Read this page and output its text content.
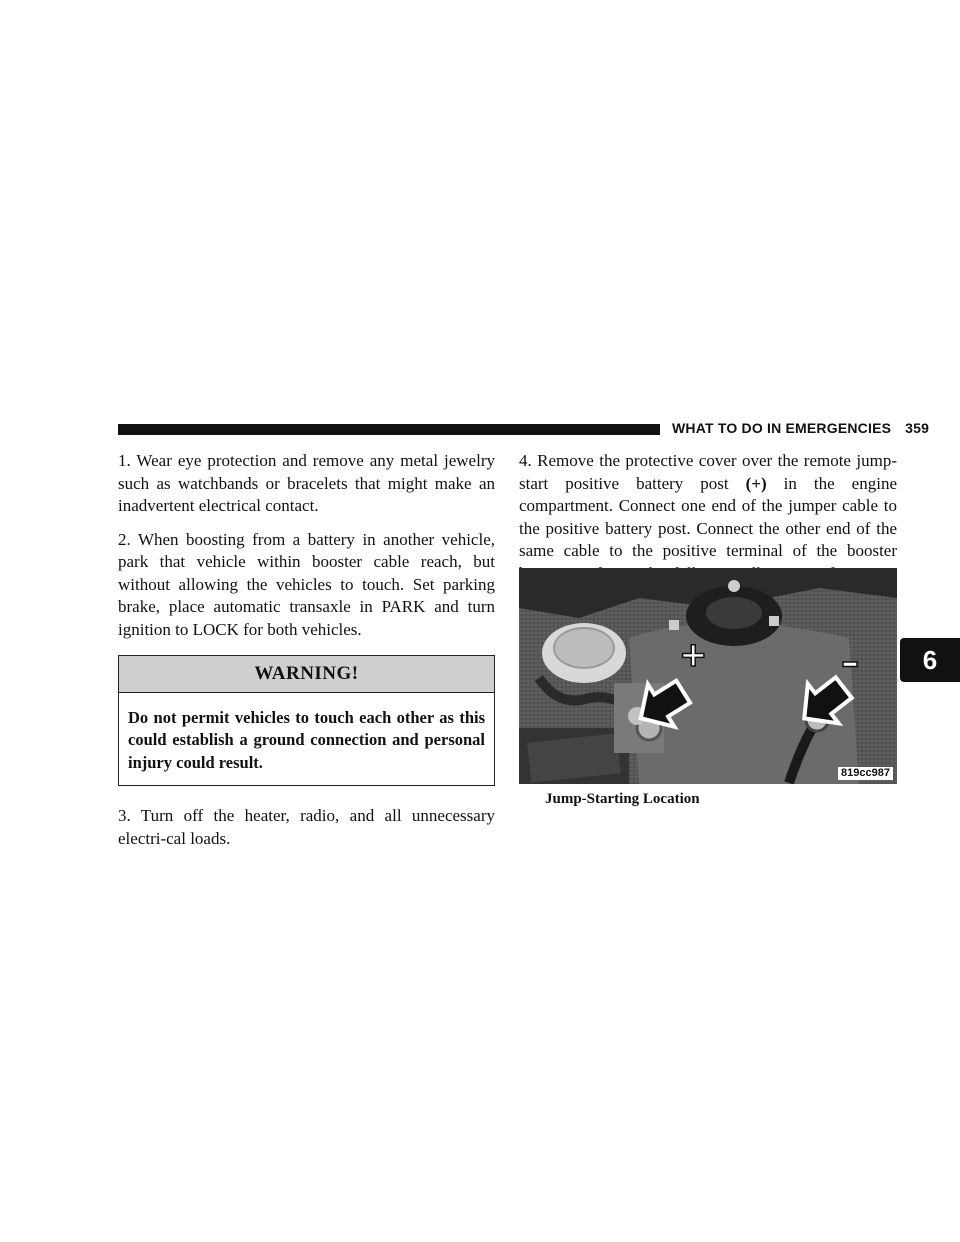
WHAT TO DO IN EMERGENCIES 359

1. Wear eye protection and remove any metal jewelry such as watchbands or bracelets that might make an inadvertent electrical contact.

2. When boosting from a battery in another vehicle, park that vehicle within booster cable reach, but without allowing the vehicles to touch. Set parking brake, place automatic transaxle in PARK and turn ignition to LOCK for both vehicles.

WARNING!
Do not permit vehicles to touch each other as this could establish a ground connection and personal injury could result.

3. Turn off the heater, radio, and all unnecessary electri-cal loads.

4. Remove the protective cover over the remote jump-start positive battery post (+) in the engine compartment. Connect one end of the jumper cable to the positive battery post. Connect the other end of the same cable to the positive terminal of the booster

+	–
819cc987
Jump-Starting Location
6
